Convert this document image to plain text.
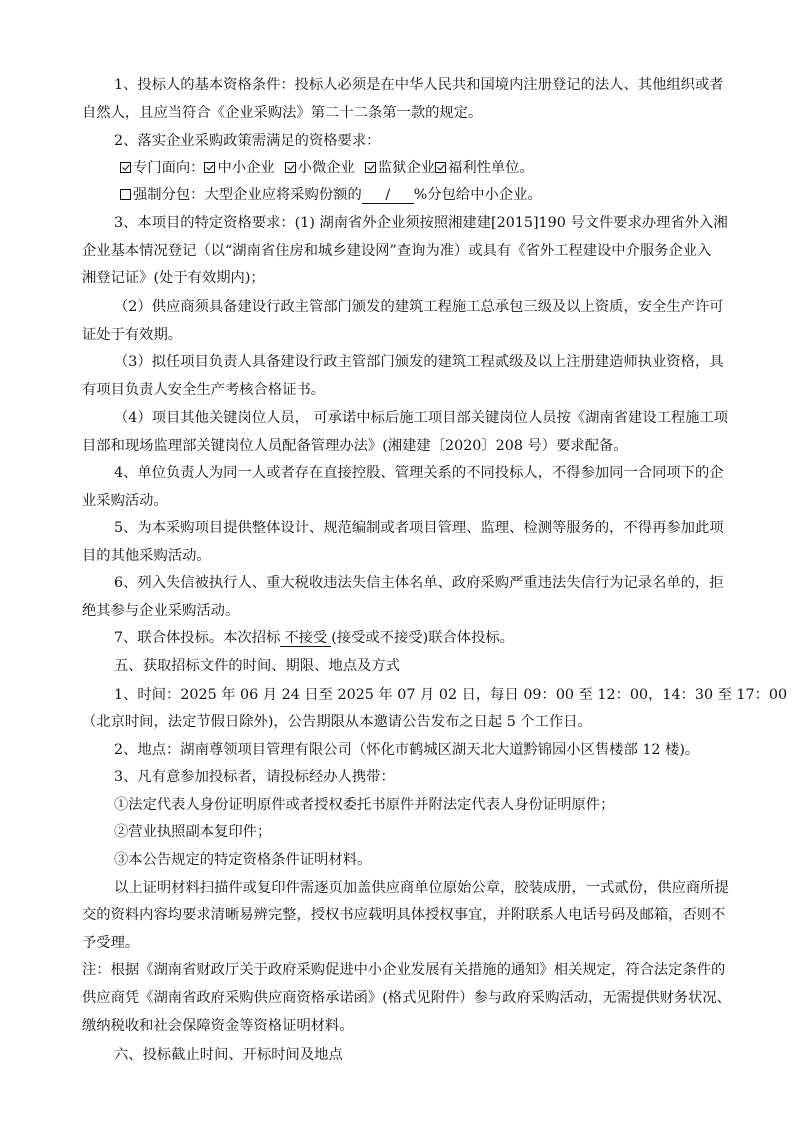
1、投标人的基本资格条件：投标人必须是在中华人民共和国境内注册登记的法人、其他组织或者
自然人，且应当符合《企业采购法》第二十二条第一款的规定。
2、落实企业采购政策需满足的资格要求：
专门面向： 中小企业 小微企业 监狱企业 福利性单位。
强制分包：大型企业应将采购份额的 / %分包给中小企业。
3、本项目的特定资格要求：(1) 湖南省外企业须按照湘建建[2015]190 号文件要求办理省外入湘
企业基本情况登记（以“湖南省住房和城乡建设网”查询为准）或具有《省外工程建设中介服务企业入
湘登记证》(处于有效期内)；
（2）供应商须具备建设行政主管部门颁发的建筑工程施工总承包三级及以上资质，安全生产许可
证处于有效期。
（3）拟任项目负责人具备建设行政主管部门颁发的建筑工程贰级及以上注册建造师执业资格，具
有项目负责人安全生产考核合格证书。
（4）项目其他关键岗位人员， 可承诺中标后施工项目部关键岗位人员按《湖南省建设工程施工项
目部和现场监理部关键岗位人员配备管理办法》(湘建建〔2020〕208 号）要求配备。
4、单位负责人为同一人或者存在直接控股、管理关系的不同投标人，不得参加同一合同项下的企
业采购活动。
5、为本采购项目提供整体设计、规范编制或者项目管理、监理、检测等服务的，不得再参加此项
目的其他采购活动。
6、列入失信被执行人、重大税收违法失信主体名单、政府采购严重违法失信行为记录名单的，拒
绝其参与企业采购活动。
7、联合体投标。本次招标 不接受 (接受或不接受)联合体投标。
五、获取招标文件的时间、期限、地点及方式
1、时间：2025 年 06 月 24 日至 2025 年 07 月 02 日，每日 09：00 至 12：00，14：30 至 17：00
（北京时间，法定节假日除外)，公告期限从本邀请公告发布之日起 5 个工作日。
2、地点：湖南尊领项目管理有限公司（怀化市鹤城区湖天北大道黔锦园小区售楼部 12 楼)。
3、凡有意参加投标者，请投标经办人携带：
①法定代表人身份证明原件或者授权委托书原件并附法定代表人身份证明原件；
②营业执照副本复印件；
③本公告规定的特定资格条件证明材料。
以上证明材料扫描件或复印件需逐页加盖供应商单位原始公章，胶装成册，一式贰份，供应商所提
交的资料内容均要求清晰易辨完整，授权书应载明具体授权事宜，并附联系人电话号码及邮箱，否则不
予受理。
注：根据《湖南省财政厅关于政府采购促进中小企业发展有关措施的通知》相关规定，符合法定条件的
供应商凭《湖南省政府采购供应商资格承诺函》(格式见附件）参与政府采购活动，无需提供财务状况、
缴纳税收和社会保障资金等资格证明材料。
六、投标截止时间、开标时间及地点
